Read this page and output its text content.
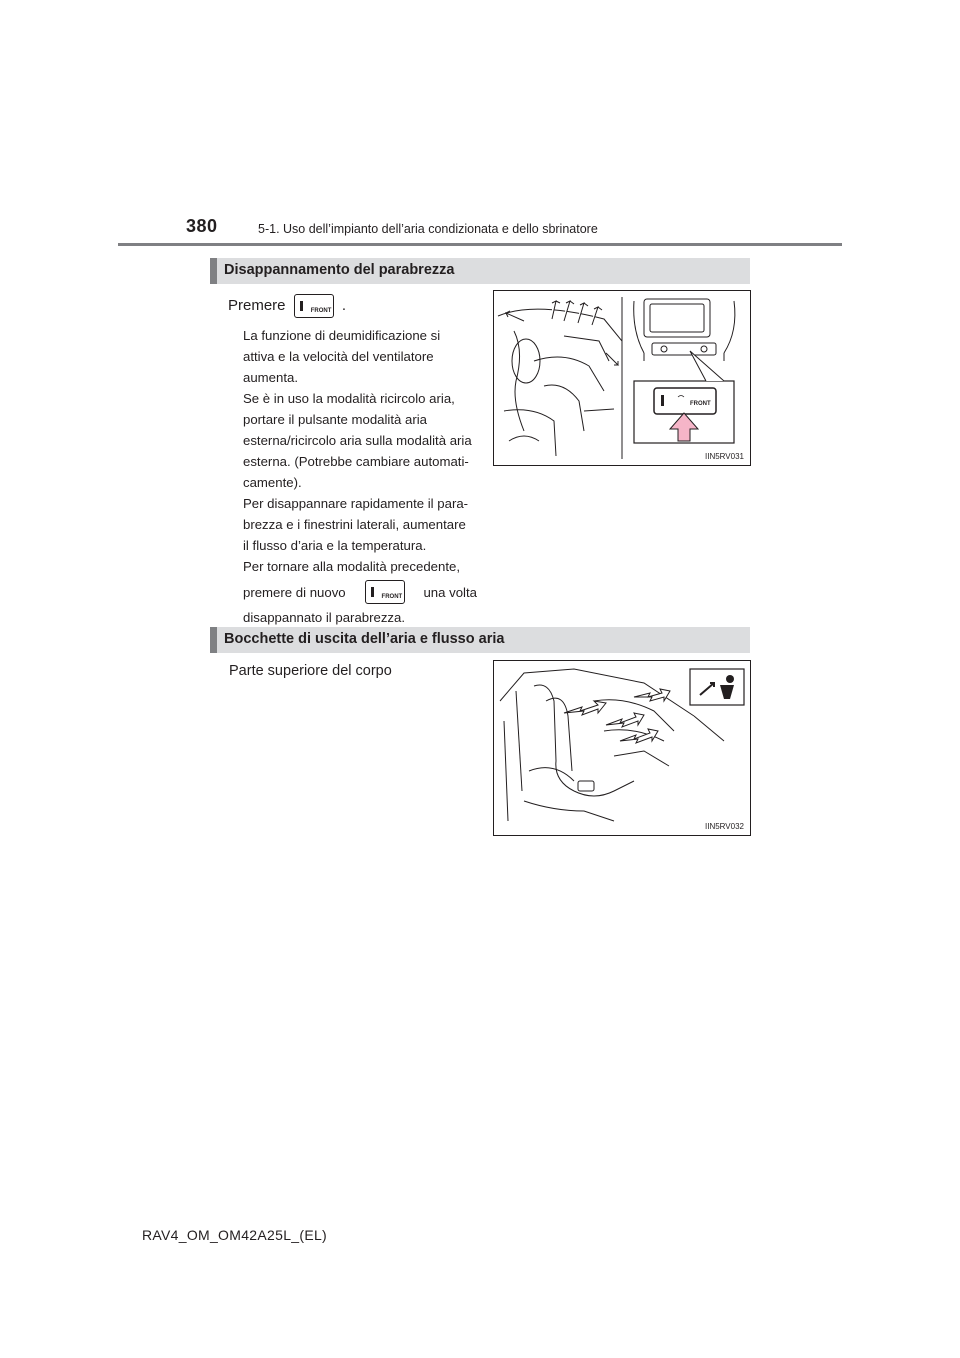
380	5-1. Uso dell’impianto dell’aria condizionata e dello sbrinatore
Disappannamento del parabrezza
Premere	FRONT .
La funzione di deumidificazione si
attiva e la velocità del ventilatore
aumenta.
Se è in uso la modalità ricircolo aria,
portare il pulsante modalità aria
esterna/ricircolo aria sulla modalità aria
esterna. (Potrebbe cambiare automati-
camente).
Per disappannare rapidamente il para-
brezza e i finestrini laterali, aumentare
il flusso d’aria e la temperatura.
Per tornare alla modalità precedente,
premere di nuovo	FRONT una volta
disappannato il parabrezza.
FRONT
IIN5RV031
Bocchette di uscita dell’aria e flusso aria
Parte superiore del corpo
IIN5RV032
RAV4_OM_OM42A25L_(EL)
